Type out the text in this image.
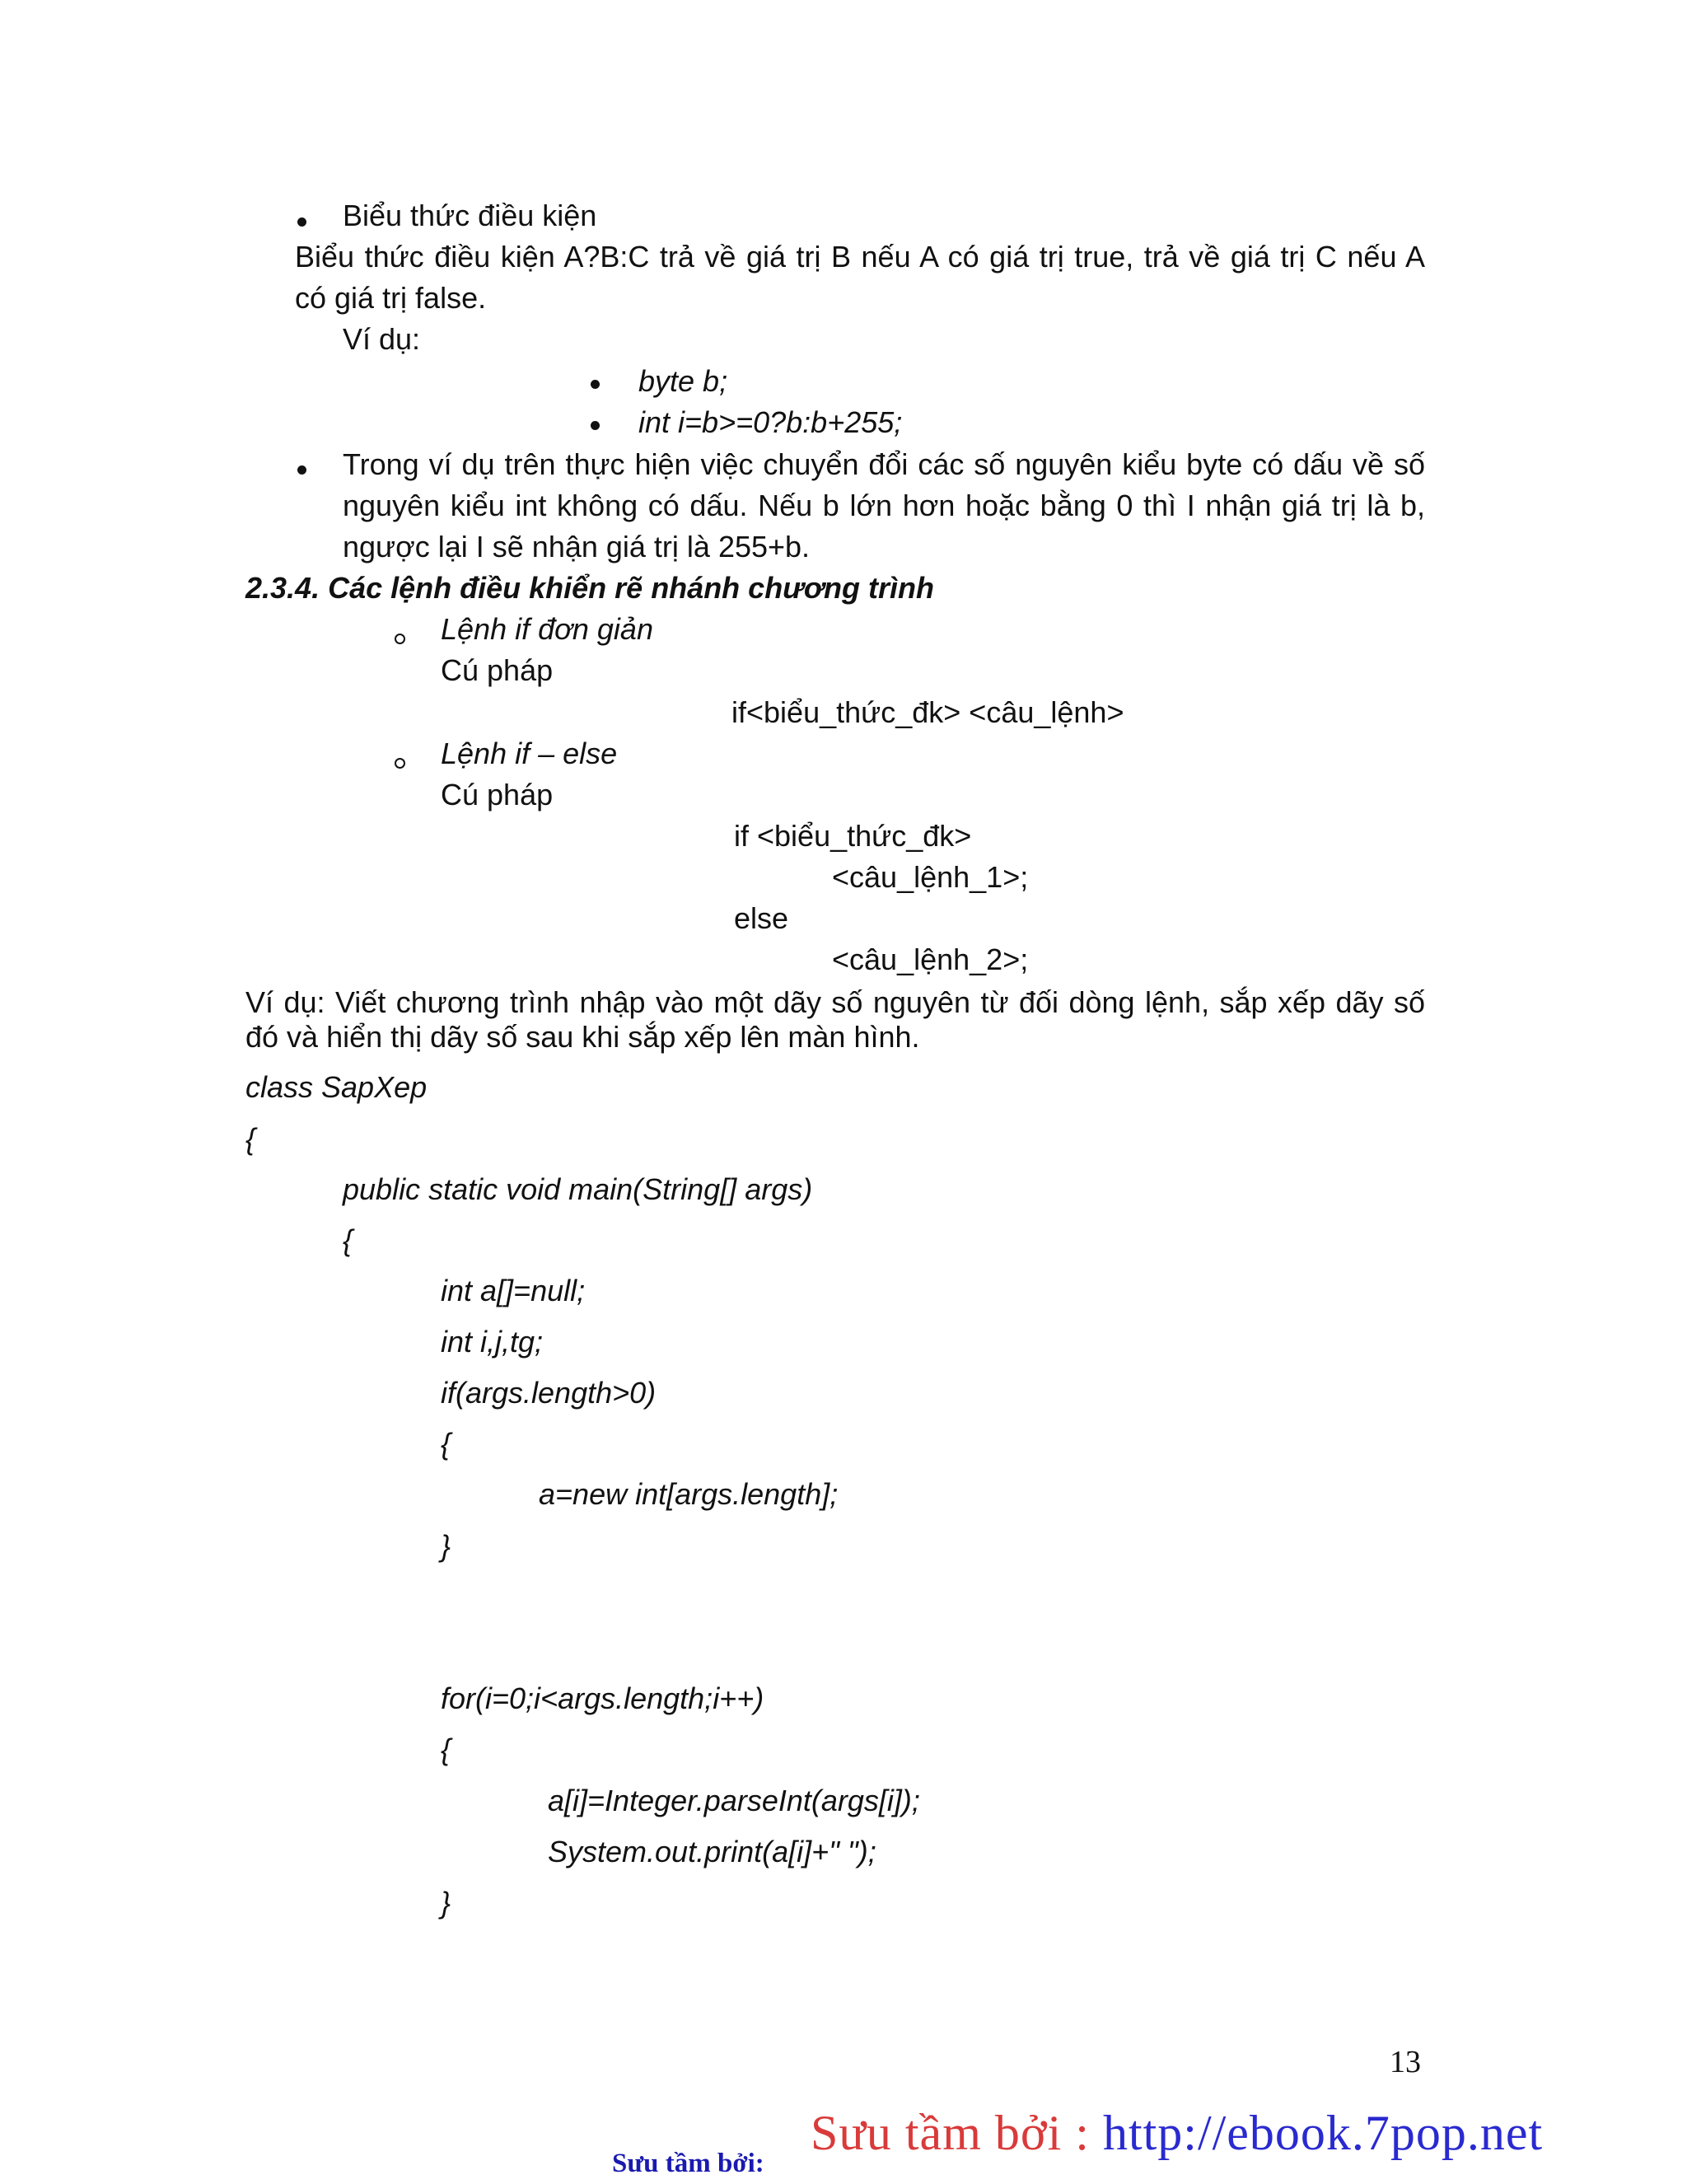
Biểu thức điều kiện
Biểu thức điều kiện A?B:C trả về giá trị B nếu A có giá trị true, trả về giá trị C nếu A
có giá trị false.
Ví dụ:
byte b;
int i=b>=0?b:b+255;
Trong ví dụ trên thực hiện việc chuyển đổi các số nguyên kiểu byte có dấu về số
nguyên kiểu int không có dấu. Nếu b lớn hơn hoặc bằng 0 thì I nhận giá trị là b,
ngược lại I sẽ nhận giá trị là 255+b.
2.3.4. Các lệnh điều khiển rẽ nhánh chương trình
Lệnh if đơn giản
Cú pháp
if<biểu_thức_đk> <câu_lệnh>
Lệnh if – else
Cú pháp
if <biểu_thức_đk>
<câu_lệnh_1>;
else
<câu_lệnh_2>;
Ví dụ: Viết chương trình nhập vào một dãy số nguyên từ đối dòng lệnh, sắp xếp dãy số
đó và hiển thị dãy số sau khi sắp xếp lên màn hình.
class SapXep
{
public static void main(String[] args)
{
int a[]=null;
int i,j,tg;
if(args.length>0)
{
a=new int[args.length];
}
for(i=0;i<args.length;i++)
{
a[i]=Integer.parseInt(args[i]);
System.out.print(a[i]+" ");
}
13
Sưu tầm bởi:
Sưu tầm bởi : http://ebook.7pop.net
